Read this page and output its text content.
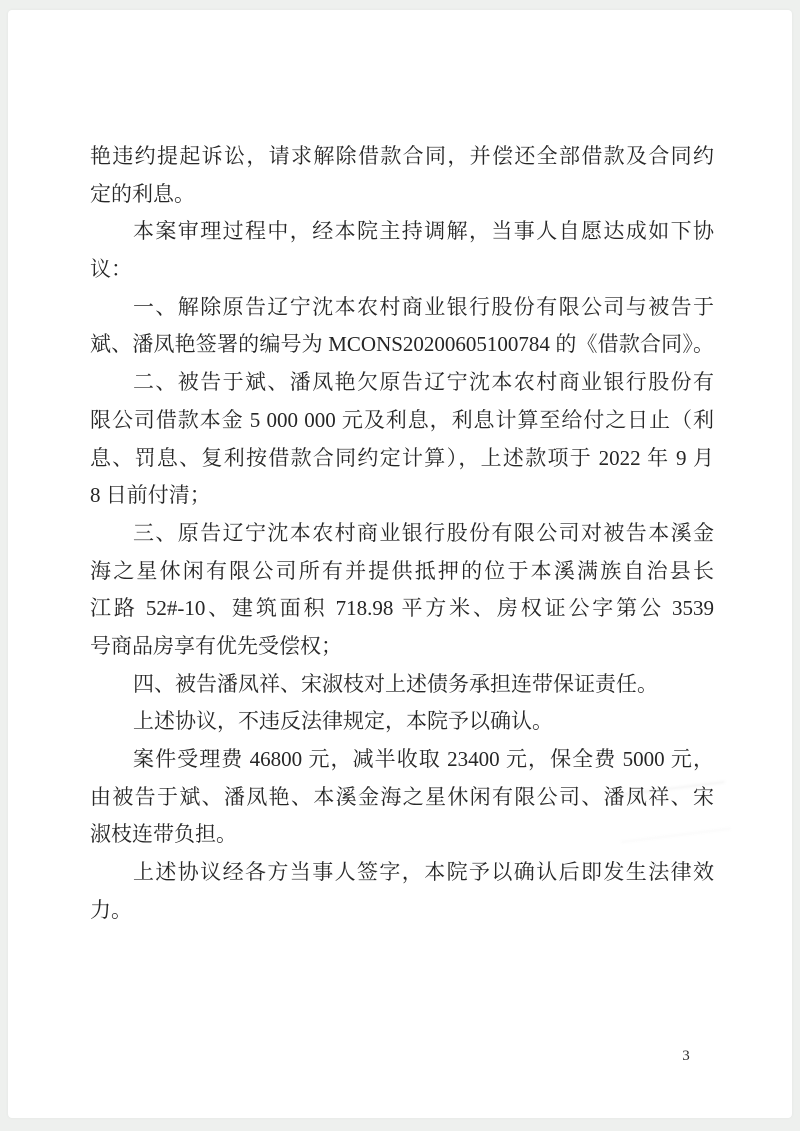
艳违约提起诉讼，请求解除借款合同，并偿还全部借款及合同约
定的利息。
本案审理过程中，经本院主持调解，当事人自愿达成如下协
议：
一、解除原告辽宁沈本农村商业银行股份有限公司与被告于
斌、潘凤艳签署的编号为 MCONS20200605100784 的《借款合同》。
二、被告于斌、潘凤艳欠原告辽宁沈本农村商业银行股份有
限公司借款本金 5 000 000 元及利息，利息计算至给付之日止（利
息、罚息、复利按借款合同约定计算），上述款项于 2022 年 9 月
8 日前付清；
三、原告辽宁沈本农村商业银行股份有限公司对被告本溪金
海之星休闲有限公司所有并提供抵押的位于本溪满族自治县长
江路 52#-10、建筑面积 718.98 平方米、房权证公字第公 3539
号商品房享有优先受偿权；
四、被告潘凤祥、宋淑枝对上述债务承担连带保证责任。
上述协议，不违反法律规定，本院予以确认。
案件受理费 46800 元，减半收取 23400 元，保全费 5000 元，
由被告于斌、潘凤艳、本溪金海之星休闲有限公司、潘凤祥、宋
淑枝连带负担。
上述协议经各方当事人签字，本院予以确认后即发生法律效
力。
3
